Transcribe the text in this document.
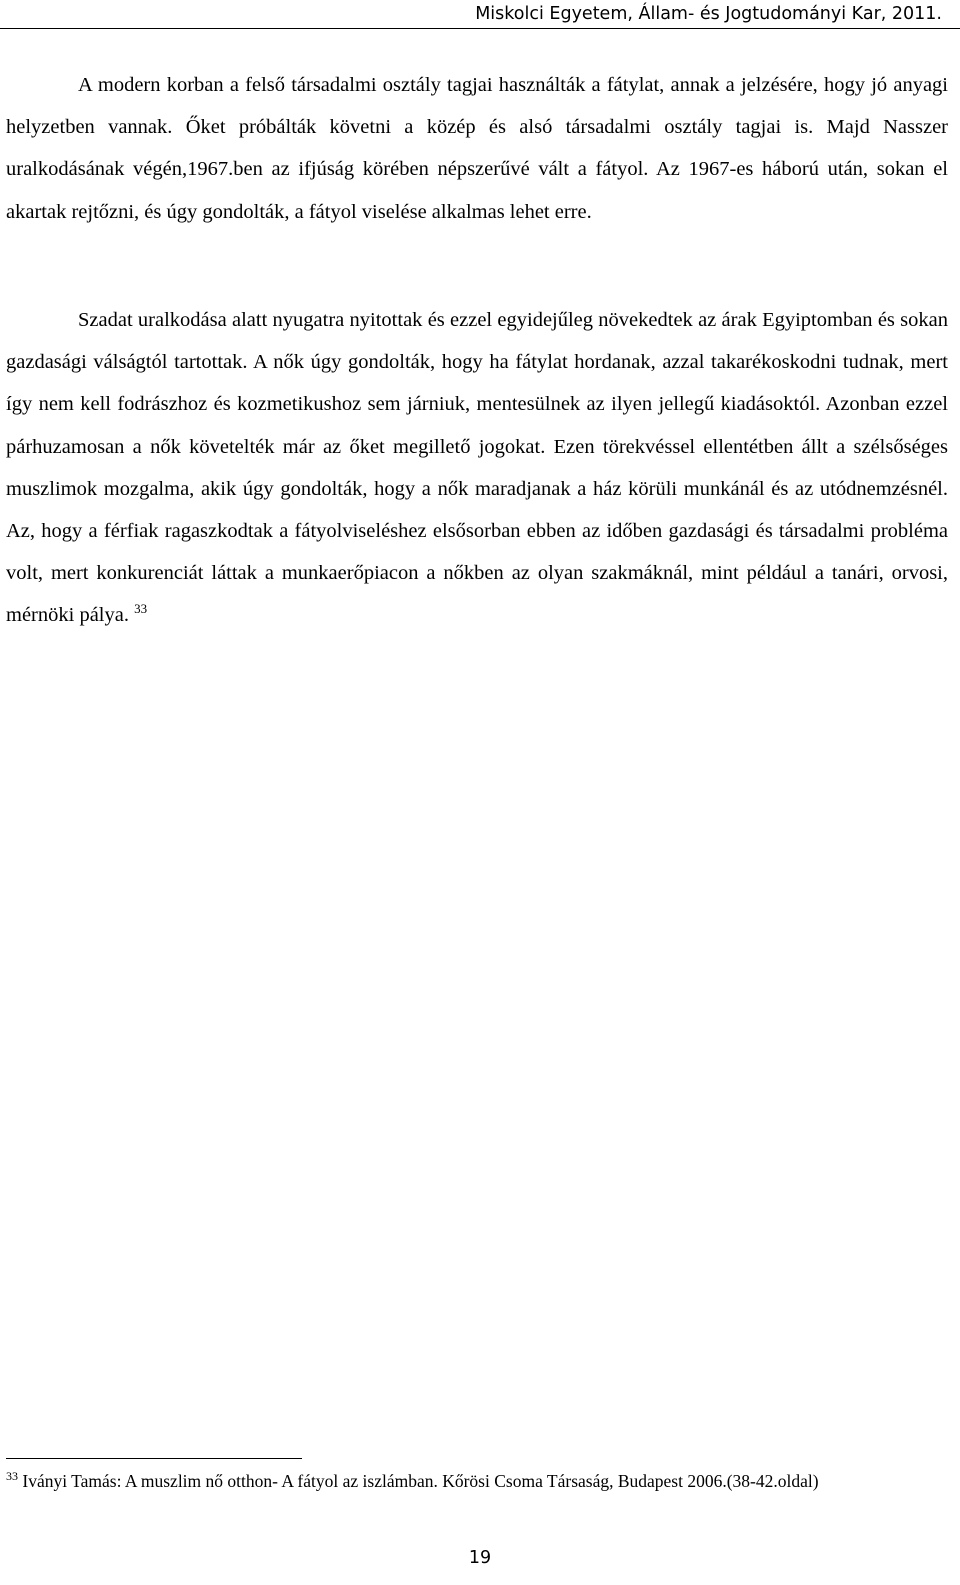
Miskolci Egyetem, Állam- és Jogtudományi Kar, 2011.

A modern korban a felső társadalmi osztály tagjai használták a fátylat, annak a jelzésére, hogy jó anyagi helyzetben vannak. Őket próbálták követni a közép és alsó társadalmi osztály tagjai is. Majd Nasszer uralkodásának végén,1967.ben az ifjúság körében népszerűvé vált a fátyol. Az 1967-es háború után, sokan el akartak rejtőzni, és úgy gondolták, a fátyol viselése alkalmas lehet erre.

Szadat uralkodása alatt nyugatra nyitottak és ezzel egyidejűleg növekedtek az árak Egyiptomban és sokan gazdasági válságtól tartottak. A nők úgy gondolták, hogy ha fátylat hordanak, azzal takarékoskodni tudnak, mert így nem kell fodrászhoz és kozmetikushoz sem járniuk, mentesülnek az ilyen jellegű kiadásoktól. Azonban ezzel párhuzamosan a nők követelték már az őket megillető jogokat. Ezen törekvéssel ellentétben állt a szélsőséges muszlimok mozgalma, akik úgy gondolták, hogy a nők maradjanak a ház körüli munkánál és az utódnemzésnél. Az, hogy a férfiak ragaszkodtak a fátyolviseléshez elsősorban ebben az időben gazdasági és társadalmi probléma volt, mert konkurenciát láttak a munkaerőpiacon a nőkben az olyan szakmáknál, mint például a tanári, orvosi, mérnöki pálya. $^{33}$

$^{33}$ Iványi Tamás: A muszlim nő otthon- A fátyol az iszlámban. Kőrösi Csoma Társaság, Budapest 2006.(38-42.oldal)

19
